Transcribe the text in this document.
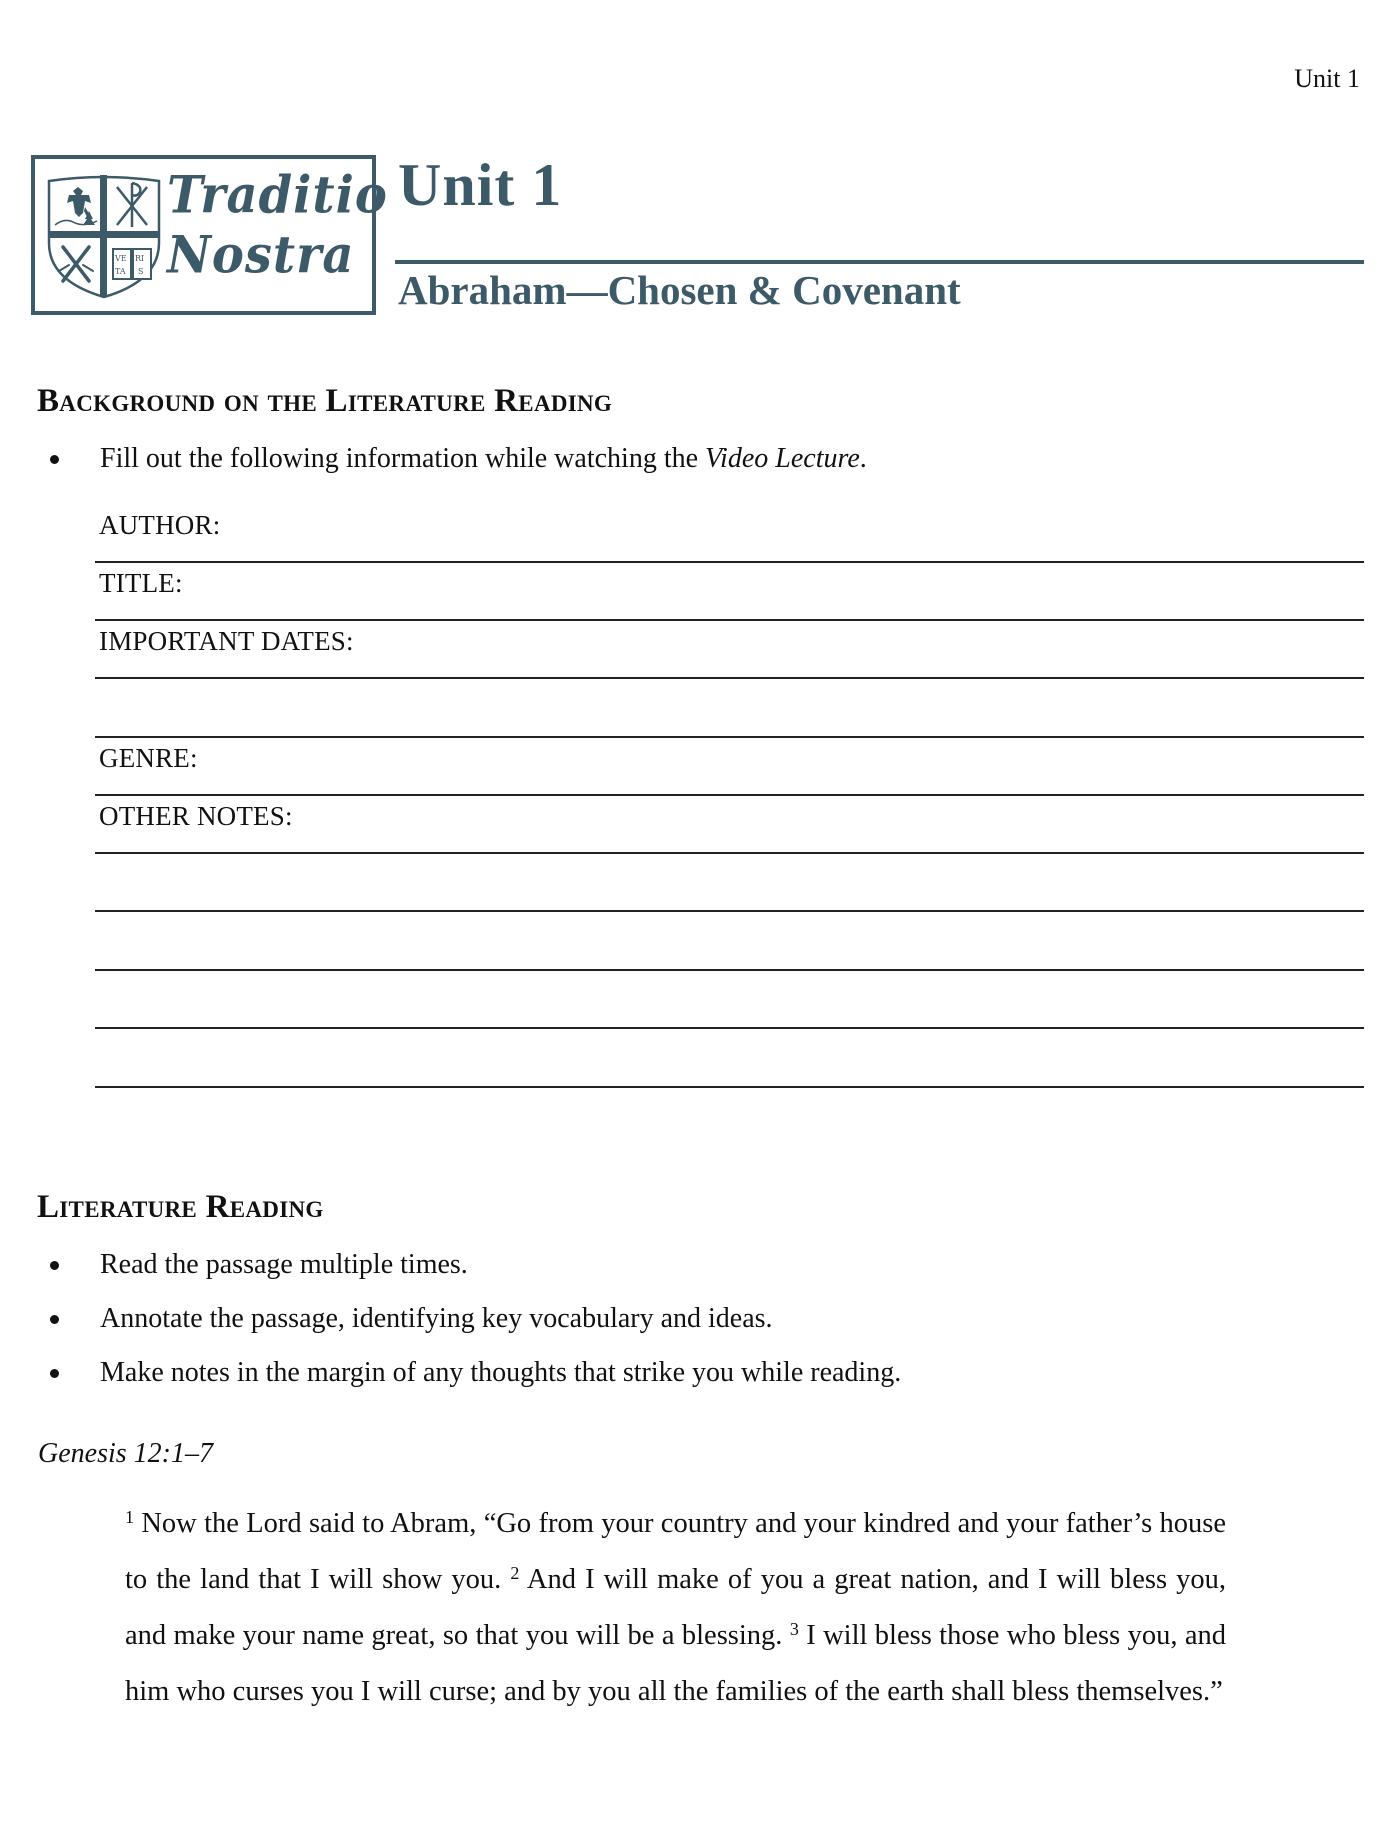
Unit 1
VE RI
TA S
Traditio
Nostra
Unit 1
Abraham—Chosen & Covenant
Background on the Literature Reading
Fill out the following information while watching the Video Lecture.
AUTHOR:
TITLE:
IMPORTANT DATES:
GENRE:
OTHER NOTES:
Literature Reading
Read the passage multiple times.
Annotate the passage, identifying key vocabulary and ideas.
Make notes in the margin of any thoughts that strike you while reading.
Genesis 12:1–7
$^1$ Now the Lord said to Abram, “Go from your country and your kindred and your father’s house to the land that I will show you. $^2$ And I will make of you a great nation, and I will bless you, and make your name great, so that you will be a blessing. $^3$ I will bless those who bless you, and him who curses you I will curse; and by you all the families of the earth shall bless themselves.”
